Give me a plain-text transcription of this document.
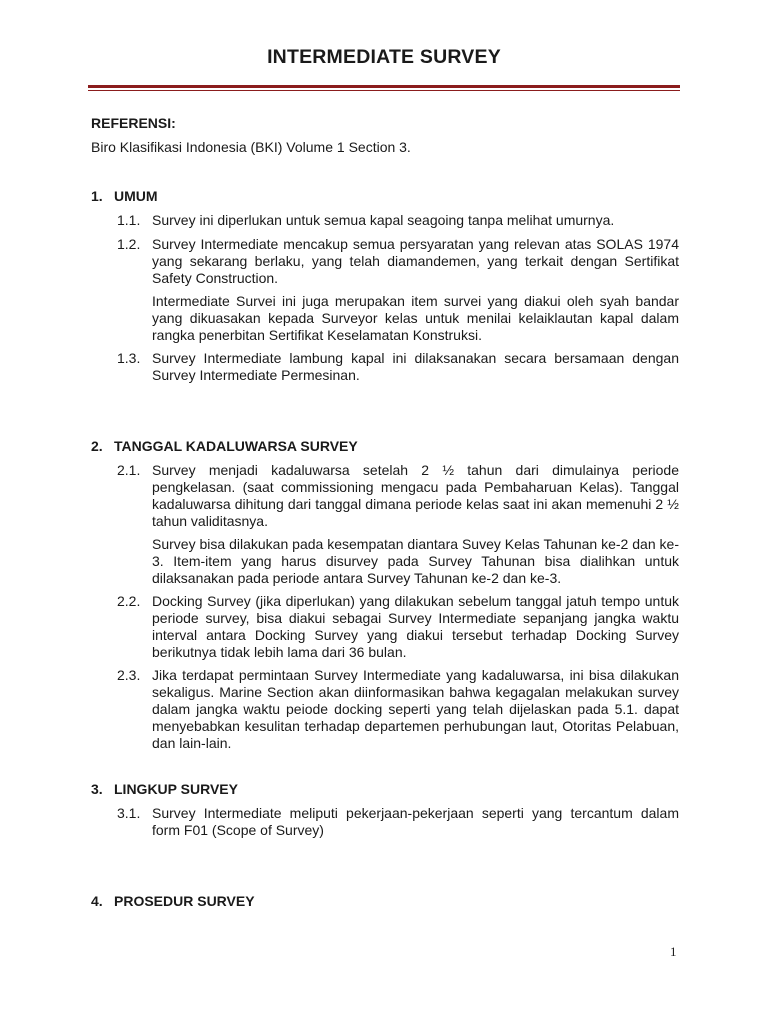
INTERMEDIATE SURVEY
REFERENSI:
Biro Klasifikasi Indonesia (BKI) Volume 1 Section 3.
1. UMUM
1.1. Survey ini diperlukan untuk semua kapal seagoing tanpa melihat umurnya.
1.2. Survey Intermediate mencakup semua persyaratan yang relevan atas SOLAS 1974 yang sekarang berlaku, yang telah diamandemen, yang terkait dengan Sertifikat Safety Construction.
Intermediate Survei ini juga merupakan item survei yang diakui oleh syah bandar yang dikuasakan kepada Surveyor kelas untuk menilai kelaiklautan kapal dalam rangka penerbitan Sertifikat Keselamatan Konstruksi.
1.3. Survey Intermediate lambung kapal ini dilaksanakan secara bersamaan dengan Survey Intermediate Permesinan.
2. TANGGAL KADALUWARSA SURVEY
2.1. Survey menjadi kadaluwarsa setelah 2 ½ tahun dari dimulainya periode pengkelasan. (saat commissioning mengacu pada Pembaharuan Kelas). Tanggal kadaluwarsa dihitung dari tanggal dimana periode kelas saat ini akan memenuhi 2 ½ tahun validitasnya.
Survey bisa dilakukan pada kesempatan diantara Suvey Kelas Tahunan ke-2 dan ke-3. Item-item yang harus disurvey pada Survey Tahunan bisa dialihkan untuk dilaksanakan pada periode antara Survey Tahunan ke-2 dan ke-3.
2.2. Docking Survey (jika diperlukan) yang dilakukan sebelum tanggal jatuh tempo untuk periode survey, bisa diakui sebagai Survey Intermediate sepanjang jangka waktu interval antara Docking Survey yang diakui tersebut terhadap Docking Survey berikutnya tidak lebih lama dari 36 bulan.
2.3. Jika terdapat permintaan Survey Intermediate yang kadaluwarsa, ini bisa dilakukan sekaligus. Marine Section akan diinformasikan bahwa kegagalan melakukan survey dalam jangka waktu peiode docking seperti yang telah dijelaskan pada 5.1. dapat menyebabkan kesulitan terhadap departemen perhubungan laut, Otoritas Pelabuan, dan lain-lain.
3. LINGKUP SURVEY
3.1. Survey Intermediate meliputi pekerjaan-pekerjaan seperti yang tercantum dalam form F01 (Scope of Survey)
4. PROSEDUR SURVEY
1
